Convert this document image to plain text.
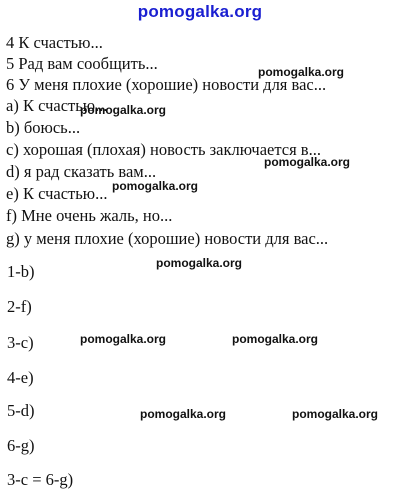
pomogalka.org
4 К счастью...
5 Рад вам сообщить...
6 У меня плохие (хорошие) новости для вас...
а) К счастью...
b) боюсь...
c) хорошая (плохая) новость заключается в...
d) я рад сказать вам...
е) К счастью...
f) Мне очень жаль, но...
g) у меня плохие (хорошие) новости для вас...
1-b)
2-f)
3-c)
4-e)
5-d)
6-g)
3-c = 6-g)
pomogalka.org
pomogalka.org
pomogalka.org
pomogalka.org
pomogalka.org
pomogalka.org	pomogalka.org
pomogalka.org	pomogalka.org
